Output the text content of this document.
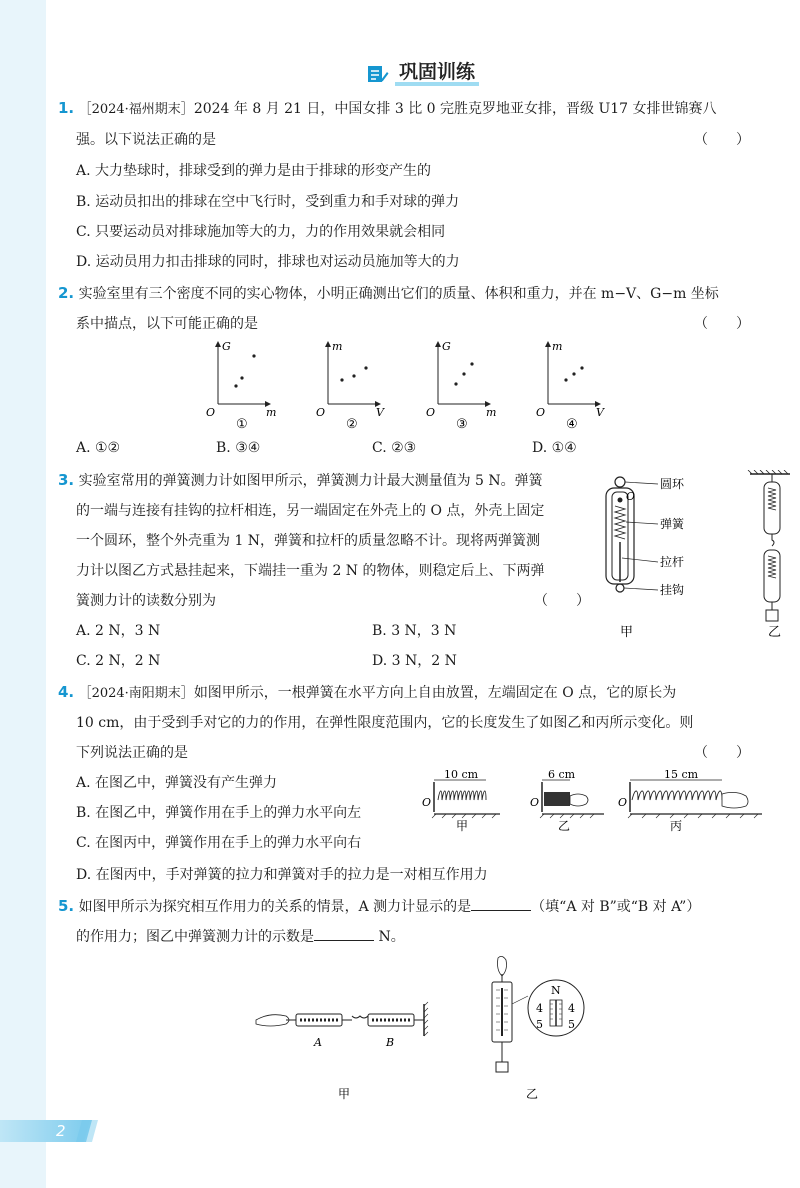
巩固训练
1. ［2024·福州期末］2024 年 8 月 21 日，中国女排 3 比 0 完胜克罗地亚女排，晋级 U17 女排世锦赛八
强。以下说法正确的是	（　　）
A. 大力垫球时，排球受到的弹力是由于排球的形变产生的
B. 运动员扣出的排球在空中飞行时，受到重力和手对球的弹力
C. 只要运动员对排球施加等大的力，力的作用效果就会相同
D. 运动员用力扣击排球的同时，排球也对运动员施加等大的力
2. 实验室里有三个密度不同的实心物体，小明正确测出它们的质量、体积和重力，并在 m−V、G−m 坐标
系中描点，以下可能正确的是	（　　）
G
m
O
①
m
V
O
②
G
m
O
③
m
V
O
④
A. ①②	B. ③④	C. ②③	D. ①④
3. 实验室常用的弹簧测力计如图甲所示，弹簧测力计最大测量值为 5 N。弹簧
的一端与连接有挂钩的拉杆相连，另一端固定在外壳上的 O 点，外壳上固定
一个圆环，整个外壳重为 1 N，弹簧和拉杆的质量忽略不计。现将两弹簧测
力计以图乙方式悬挂起来，下端挂一重为 2 N 的物体，则稳定后上、下两弹
簧测力计的读数分别为	（　　）
A. 2 N，3 N	B. 3 N，3 N
C. 2 N，2 N	D. 3 N，2 N
O
圆环
弹簧
拉杆
挂钩
甲	乙
4. ［2024·南阳期末］如图甲所示，一根弹簧在水平方向上自由放置，左端固定在 O 点，它的原长为
10 cm，由于受到手对它的力的作用，在弹性限度范围内，它的长度发生了如图乙和丙所示变化。则
下列说法正确的是	（　　）
A. 在图乙中，弹簧没有产生弹力
B. 在图乙中，弹簧作用在手上的弹力水平向左
C. 在图丙中，弹簧作用在手上的弹力水平向右
D. 在图丙中，手对弹簧的拉力和弹簧对手的拉力是一对相互作用力
10 cm
O
甲
6 cm
O
乙
15 cm
O
丙
5. 如图甲所示为探究相互作用力的关系的情景，A 测力计显示的是	（填“A 对 B”或“B 对 A”）
的作用力；图乙中弹簧测力计的示数是	N。
A	B
甲
N
4 4
5 5
乙
2
